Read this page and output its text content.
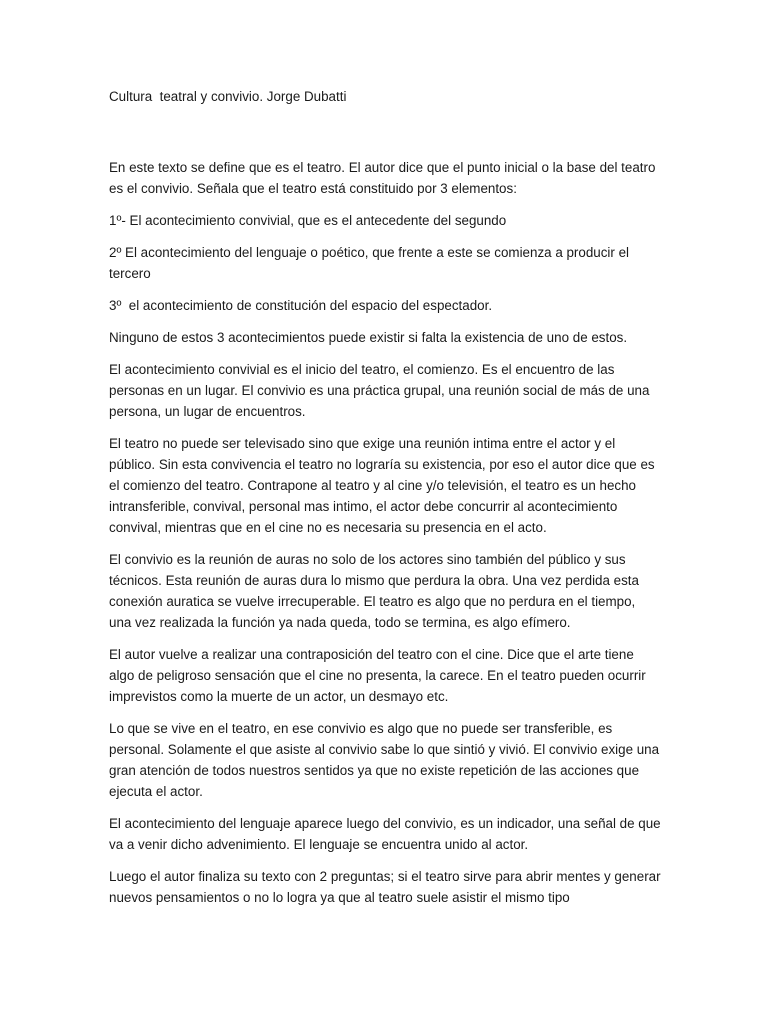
Cultura  teatral y convivio. Jorge Dubatti

En este texto se define que es el teatro. El autor dice que el punto inicial o la base del teatro es el convivio. Señala que el teatro está constituido por 3 elementos:

1º- El acontecimiento convivial, que es el antecedente del segundo

2º El acontecimiento del lenguaje o poético, que frente a este se comienza a producir el tercero

3º  el acontecimiento de constitución del espacio del espectador.

Ninguno de estos 3 acontecimientos puede existir si falta la existencia de uno de estos.

El acontecimiento convivial es el inicio del teatro, el comienzo. Es el encuentro de las personas en un lugar. El convivio es una práctica grupal, una reunión social de más de una persona, un lugar de encuentros.

El teatro no puede ser televisado sino que exige una reunión intima entre el actor y el público. Sin esta convivencia el teatro no lograría su existencia, por eso el autor dice que es el comienzo del teatro. Contrapone al teatro y al cine y/o televisión, el teatro es un hecho intransferible, convival, personal mas intimo, el actor debe concurrir al acontecimiento convival, mientras que en el cine no es necesaria su presencia en el acto.

El convivio es la reunión de auras no solo de los actores sino también del público y sus técnicos. Esta reunión de auras dura lo mismo que perdura la obra. Una vez perdida esta conexión auratica se vuelve irrecuperable. El teatro es algo que no perdura en el tiempo, una vez realizada la función ya nada queda, todo se termina, es algo efímero.

El autor vuelve a realizar una contraposición del teatro con el cine. Dice que el arte tiene algo de peligroso sensación que el cine no presenta, la carece. En el teatro pueden ocurrir imprevistos como la muerte de un actor, un desmayo etc.

Lo que se vive en el teatro, en ese convivio es algo que no puede ser transferible, es personal. Solamente el que asiste al convivio sabe lo que sintió y vivió. El convivio exige una gran atención de todos nuestros sentidos ya que no existe repetición de las acciones que ejecuta el actor.

El acontecimiento del lenguaje aparece luego del convivio, es un indicador, una señal de que va a venir dicho advenimiento. El lenguaje se encuentra unido al actor.

Luego el autor finaliza su texto con 2 preguntas; si el teatro sirve para abrir mentes y generar nuevos pensamientos o no lo logra ya que al teatro suele asistir el mismo tipo
